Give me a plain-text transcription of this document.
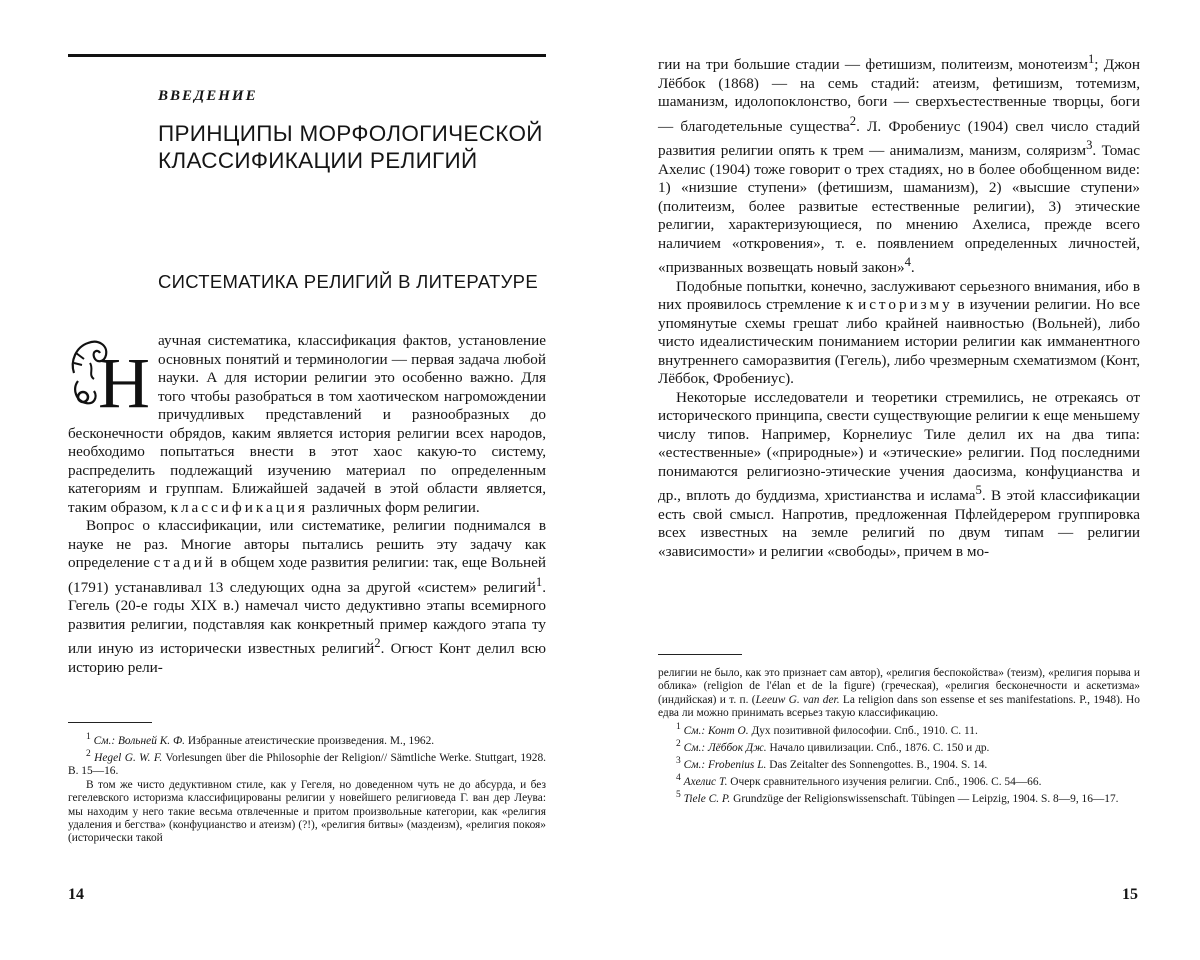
ВВЕДЕНИЕ
ПРИНЦИПЫ МОРФОЛОГИЧЕСКОЙ КЛАССИФИКАЦИИ РЕЛИГИЙ
СИСТЕМАТИКА РЕЛИГИЙ В ЛИТЕРАТУРЕ

Н
аучная систематика, классификация фактов, установление основных понятий и терминологии — первая задача любой науки. А для истории религии это особенно важно. Для того чтобы разобраться в том хаотическом нагромождении причудливых представлений и разнообразных до бесконечности обрядов, каким является история религии всех народов, необходимо попытаться внести в этот хаос какую-то систему, распределить подлежащий изучению материал по определенным категориям и группам. Ближайшей задачей в этой области является, таким образом, классификация различных форм религии.

Вопрос о классификации, или систематике, религии поднимался в науке не раз. Многие авторы пытались решить эту задачу как определение стадий в общем ходе развития религии: так, еще Вольней (1791) устанавливал 13 следующих одна за другой «систем» религий$^1$. Гегель (20-е годы XIX в.) намечал чисто дедуктивно этапы всемирного развития религии, подставляя как конкретный пример каждого этапа ту или иную из исторически известных религий$^2$. Огюст Конт делил всю историю рели-

$^1$ См.: Вольней К. Ф. Избранные атеистические произведения. М., 1962.

$^2$ Hegel G. W. F. Vorlesungen über die Philosophie der Religion// Sämtliche Werke. Stuttgart, 1928. B. 15—16.

В том же чисто дедуктивном стиле, как у Гегеля, но доведенном чуть не до абсурда, и без гегелевского историзма классифицированы религии у новейшего религиоведа Г. ван дер Леува: мы находим у него такие весьма отвлеченные и притом произвольные категории, как «религия удаления и бегства» (конфуцианство и атеизм) (?!), «религия битвы» (маздеизм), «религия покоя» (исторически такой

14

гии на три большие стадии — фетишизм, политеизм, монотеизм$^1$; Джон Лёббок (1868) — на семь стадий: атеизм, фетишизм, тотемизм, шаманизм, идолопоклонство, боги — сверхъестественные творцы, боги — благодетельные существа$^2$. Л. Фробениус (1904) свел число стадий развития религии опять к трем — анимализм, манизм, соляризм$^3$. Томас Ахелис (1904) тоже говорит о трех стадиях, но в более обобщенном виде: 1) «низшие ступени» (фетишизм, шаманизм), 2) «высшие ступени» (политеизм, более развитые естественные религии), 3) этические религии, характеризующиеся, по мнению Ахелиса, прежде всего наличием «откровения», т. е. появлением определенных личностей, «призванных возвещать новый закон»$^4$.

Подобные попытки, конечно, заслуживают серьезного внимания, ибо в них проявилось стремление к историзму в изучении религии. Но все упомянутые схемы грешат либо крайней наивностью (Вольней), либо чисто идеалистическим пониманием истории религии как имманентного внутреннего саморазвития (Гегель), либо чрезмерным схематизмом (Конт, Лёббок, Фробениус).

Некоторые исследователи и теоретики стремились, не отрекаясь от исторического принципа, свести существующие религии к еще меньшему числу типов. Например, Корнелиус Тиле делил их на два типа: «естественные» («природные») и «этические» религии. Под последними понимаются религиозно-этические учения даосизма, конфуцианства и др., вплоть до буддизма, христианства и ислама$^5$. В этой классификации есть свой смысл. Напротив, предложенная Пфлейдерером группировка всех известных на земле религий по двум типам — религии «зависимости» и религии «свободы», причем в мо-

религии не было, как это признает сам автор), «религия беспокойства» (теизм), «религия порыва и облика» (religion de l'élan et de la figure) (греческая), «религия бесконечности и аскетизма» (индийская) и т. п. (Leeuw G. van der. La religion dans son essense et ses manifestations. P., 1948). Но едва ли можно принимать всерьез такую классификацию.

$^1$ См.: Конт О. Дух позитивной философии. Спб., 1910. С. 11.

$^2$ См.: Лёббок Дж. Начало цивилизации. Спб., 1876. С. 150 и др.

$^3$ См.: Frobenius L. Das Zeitalter des Sonnengottes. B., 1904. S. 14.

$^4$ Ахелис Т. Очерк сравнительного изучения религии. Спб., 1906. С. 54—66.

$^5$ Tiele C. P. Grundzüge der Religionswissenschaft. Tübingen — Leipzig, 1904. S. 8—9, 16—17.

15
